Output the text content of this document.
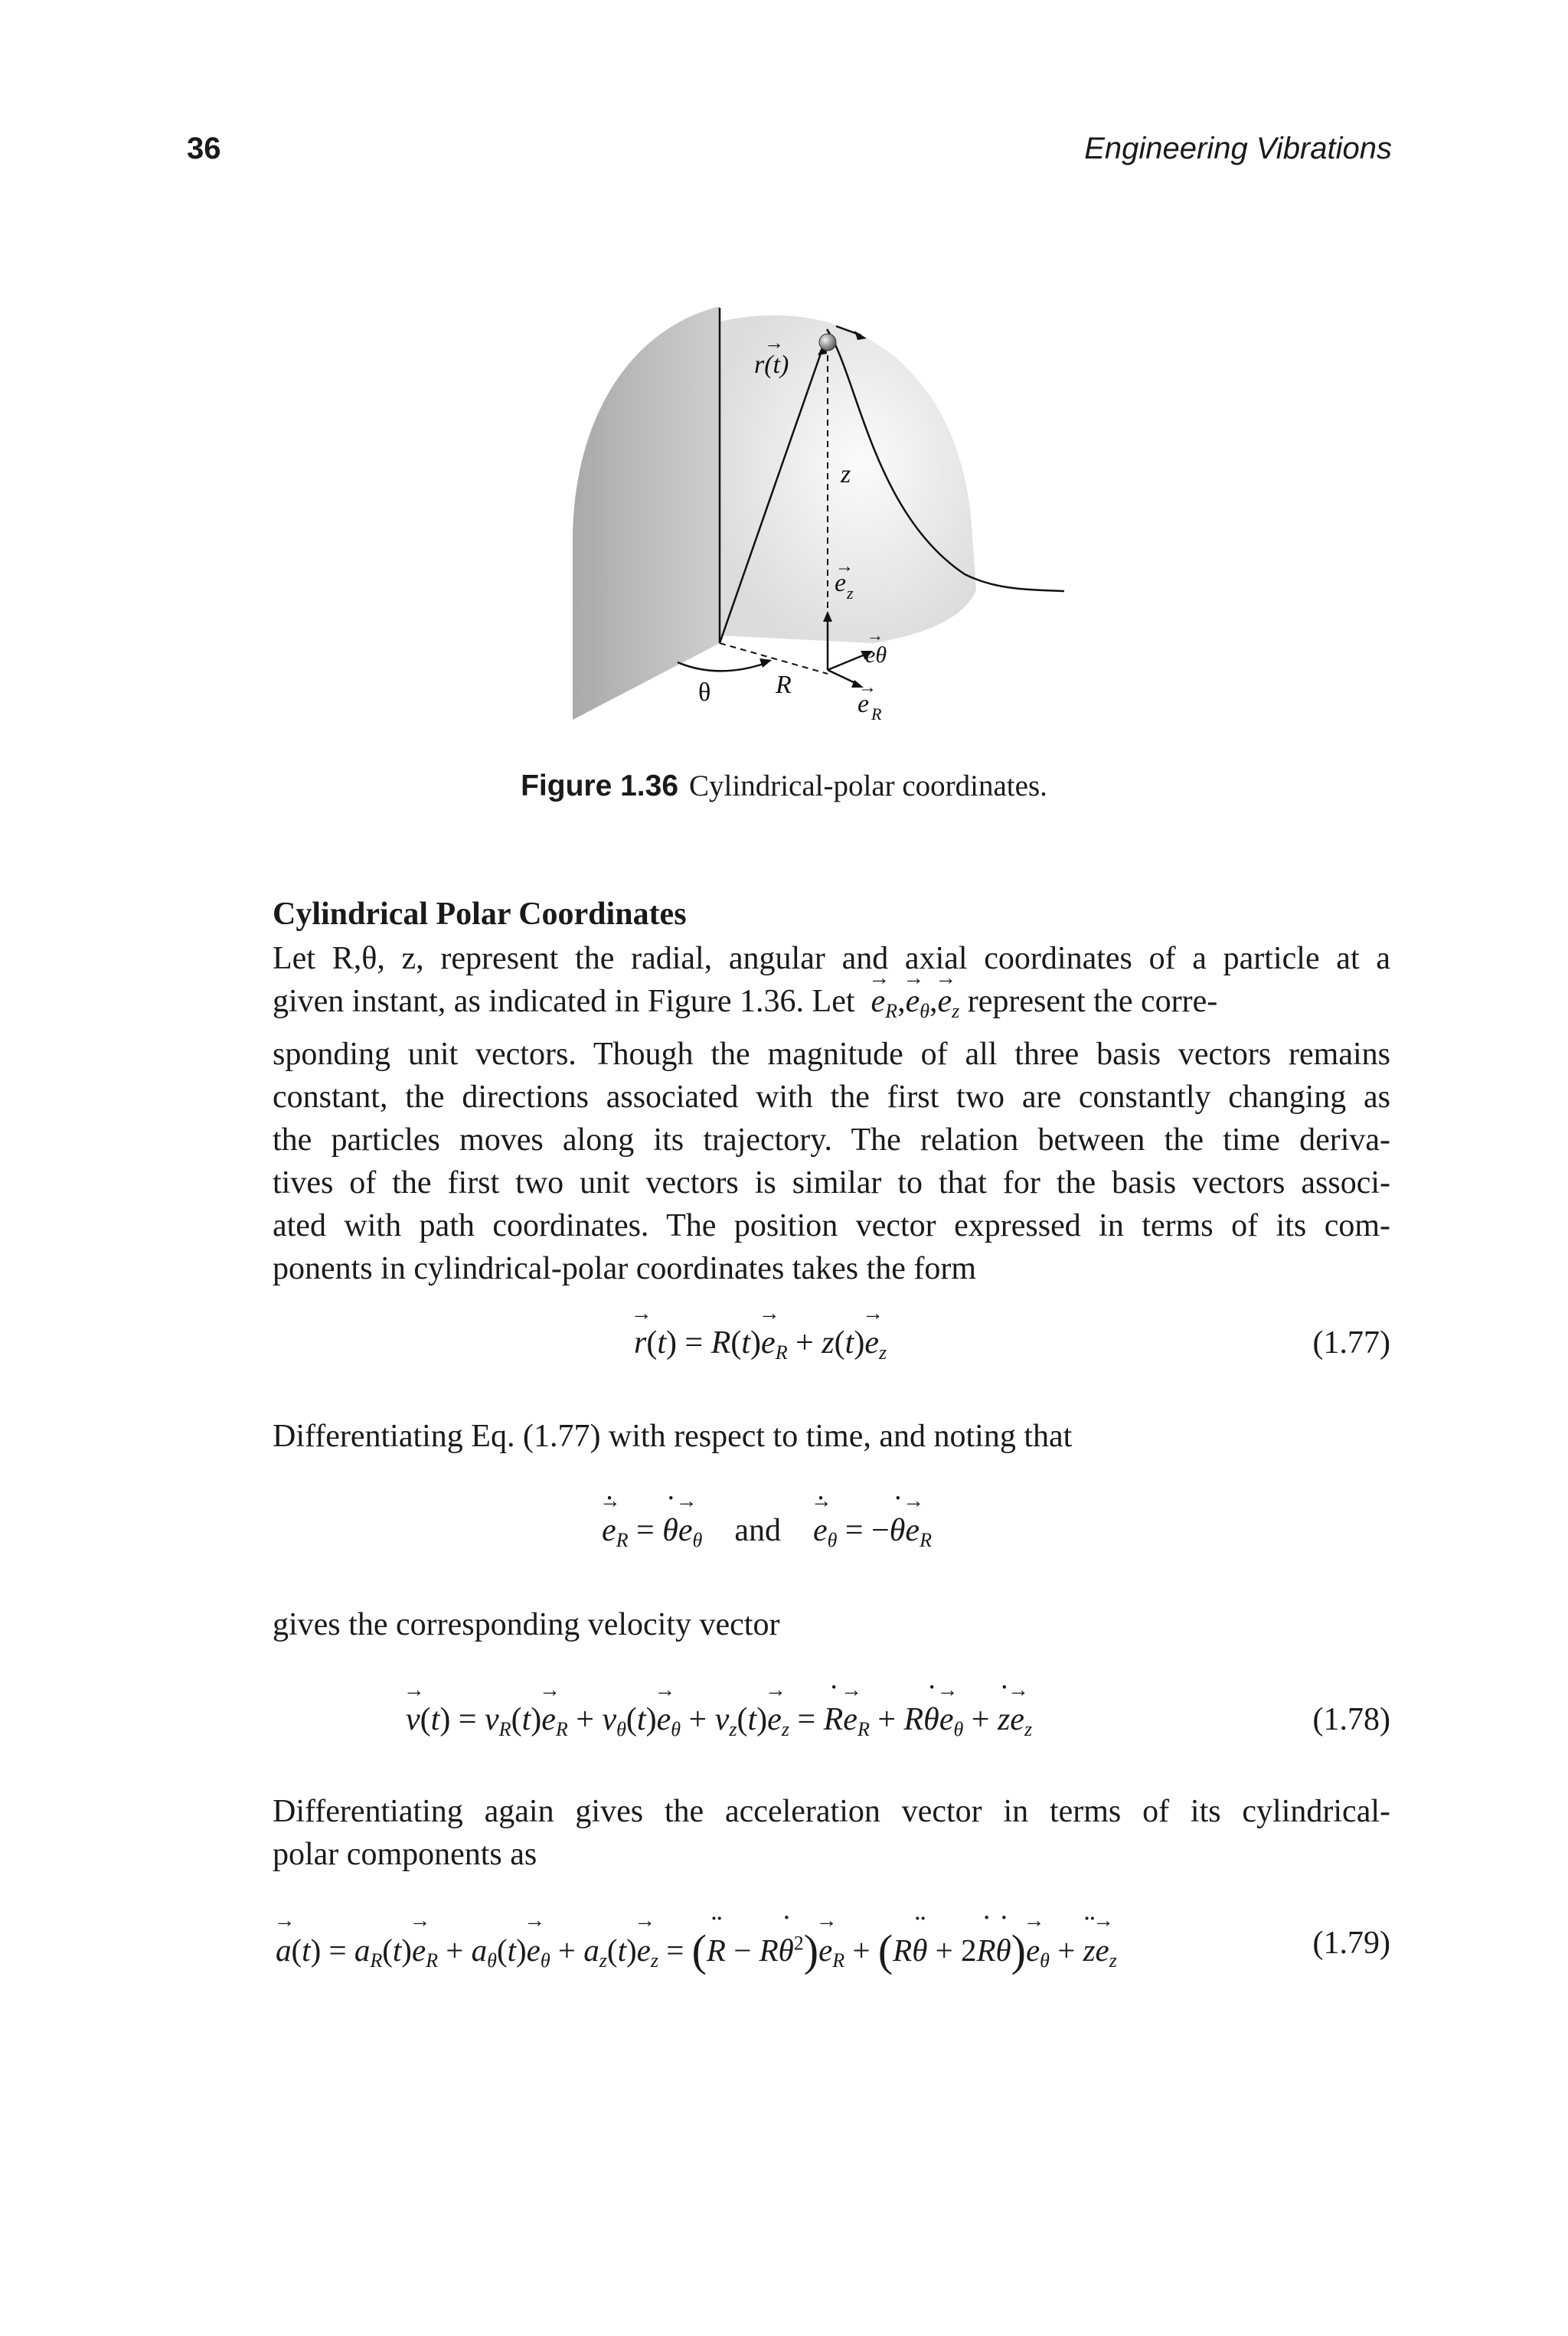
36	Engineering Vibrations
r(t)
→
z
e
→
z
eθ
→
e
→
R
θ R
Figure 1.36 Cylindrical-polar coordinates.
Cylindrical Polar Coordinates
Let R,θ, z, represent the radial, angular and axial coordinates of a particle at a
given instant, as indicated in Figure 1.36. Let → $e_R,\to e_\theta,\to e_z$ represent the corre-
sponding unit vectors. Though the magnitude of all three basis vectors remains
constant, the directions associated with the first two are constantly changing as
the particles moves along its trajectory. The relation between the time deriva-
tives of the first two unit vectors is similar to that for the basis vectors associ-
ated with path coordinates. The position vector expressed in terms of its com-
ponents in cylindrical-polar coordinates takes the form
→ $r(t) = R(t)\to e_R + z(t)\to e_z$	(1.77)
Differentiating Eq. (1.77) with respect to time, and noting that
˙ → $e_R$ = ˙ $\theta\to e_\theta$ and ˙ → $e_\theta$ = −˙ $\theta\to e_R$
gives the corresponding velocity vector
→ $v(t) = v_R(t)\to e_R + v_\theta(t)\to e_\theta + v_z(t)\to e_z$ = ˙ $R\to e_R$ + R˙ $\theta\to e_\theta$ + ˙ $z\to e_z$	(1.78)
Differentiating again gives the acceleration vector in terms of its cylindrical-
polar components as
→ $a(t) = a_R(t)\to e_R + a_\theta(t)\to e_\theta + a_z(t)\to e_z$ = (¨ R − R˙ $\theta^2)\to e_R$ + (R¨ θ + 2˙ R˙ $\theta)\to e_\theta$ + ¨ $z\to e_z$	(1.79)
